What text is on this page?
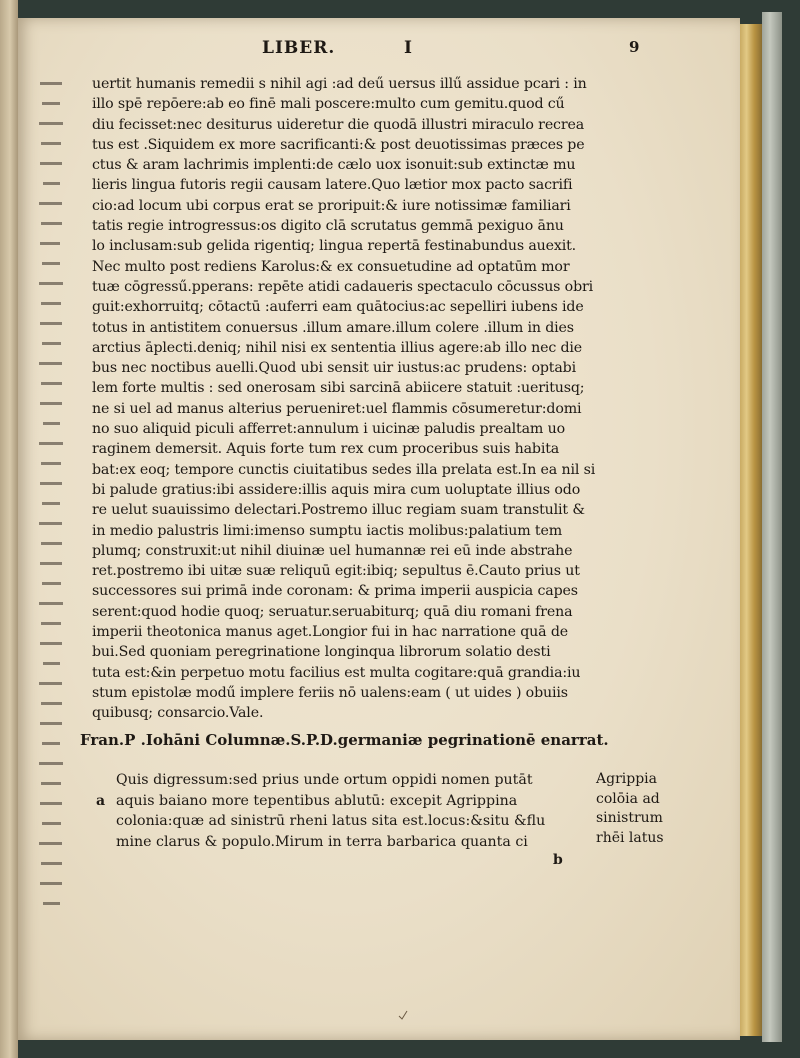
LIBER.	I	9
uertit humanis remedii s nihil agi :ad deű uersus illű assidue pcari : in
illo spē repōere:ab eo finē mali poscere:multo cum gemitu.quod cű
diu fecisset:nec desiturus uideretur die quodā illustri miraculo recrea
tus est .Siquidem ex more sacrificanti:& post deuotissimas præces pe
ctus & aram lachrimis implenti:de cælo uox isonuit:sub extinctæ mu
lieris lingua futoris regii causam latere.Quo lætior mox pacto sacrifi
cio:ad locum ubi corpus erat se proripuit:& iure notissimæ familiari
tatis regie introgressus:os digito clā scrutatus gemmā pexiguo ānu
lo inclusam:sub gelida rigentiq; lingua repertā festinabundus auexit.
Nec multo post rediens Karolus:& ex consuetudine ad optatūm mor
tuæ cōgressű.pperans: repēte atidi cadaueris spectaculo cōcussus obri
guit:exhorruitq; cōtactū :auferri eam quātocius:ac sepelliri iubens ide
totus in antistitem conuersus .illum amare.illum colere .illum in dies
arctius āplecti.deniq; nihil nisi ex sententia illius agere:ab illo nec die
bus nec noctibus auelli.Quod ubi sensit uir iustus:ac prudens: optabi
lem forte multis : sed onerosam sibi sarcinā abiicere statuit :ueritusq;
ne si uel ad manus alterius perueniret:uel flammis cōsumeretur:domi
no suo aliquid piculi afferret:annulum i uicinæ paludis prealtam uo
raginem demersit. Aquis forte tum rex cum proceribus suis habita
bat:ex eoq; tempore cunctis ciuitatibus sedes illa prelata est.In ea nil si
bi palude gratius:ibi assidere:illis aquis mira cum uoluptate illius odo
re uelut suauissimo delectari.Postremo illuc regiam suam transtulit &
in medio palustris limi:imenso sumptu iactis molibus:palatium tem
plumq; construxit:ut nihil diuinæ uel humannæ rei eū inde abstrahe
ret.postremo ibi uitæ suæ reliquū egit:ibiq; sepultus ē.Cauto prius ut
successores sui primā inde coronam: & prima imperii auspicia capes
serent:quod hodie quoq; seruatur.seruabiturq; quā diu romani frena
imperii theotonica manus aget.Longior fui in hac narratione quā de
bui.Sed quoniam peregrinatione longinqua librorum solatio desti
tuta est:&in perpetuo motu facilius est multa cogitare:quā grandia:iu
stum epistolæ modű implere feriis nō ualens:eam ( ut uides ) obuiis
quibusq; consarcio.Vale.
Fran.P .Iohāni Columnæ.S.P.D.germaniæ pegrinationē enarrat.
a
Quis digressum:sed prius unde ortum oppidi nomen putāt
aquis baiano more tepentibus ablutū: excepit Agrippina
colonia:quæ ad sinistrū rheni latus sita est.locus:&situ &flu
mine clarus & populo.Mirum in terra barbarica quanta ci
b
Agrippia
colōia ad
sinistrum
rhēi latus
